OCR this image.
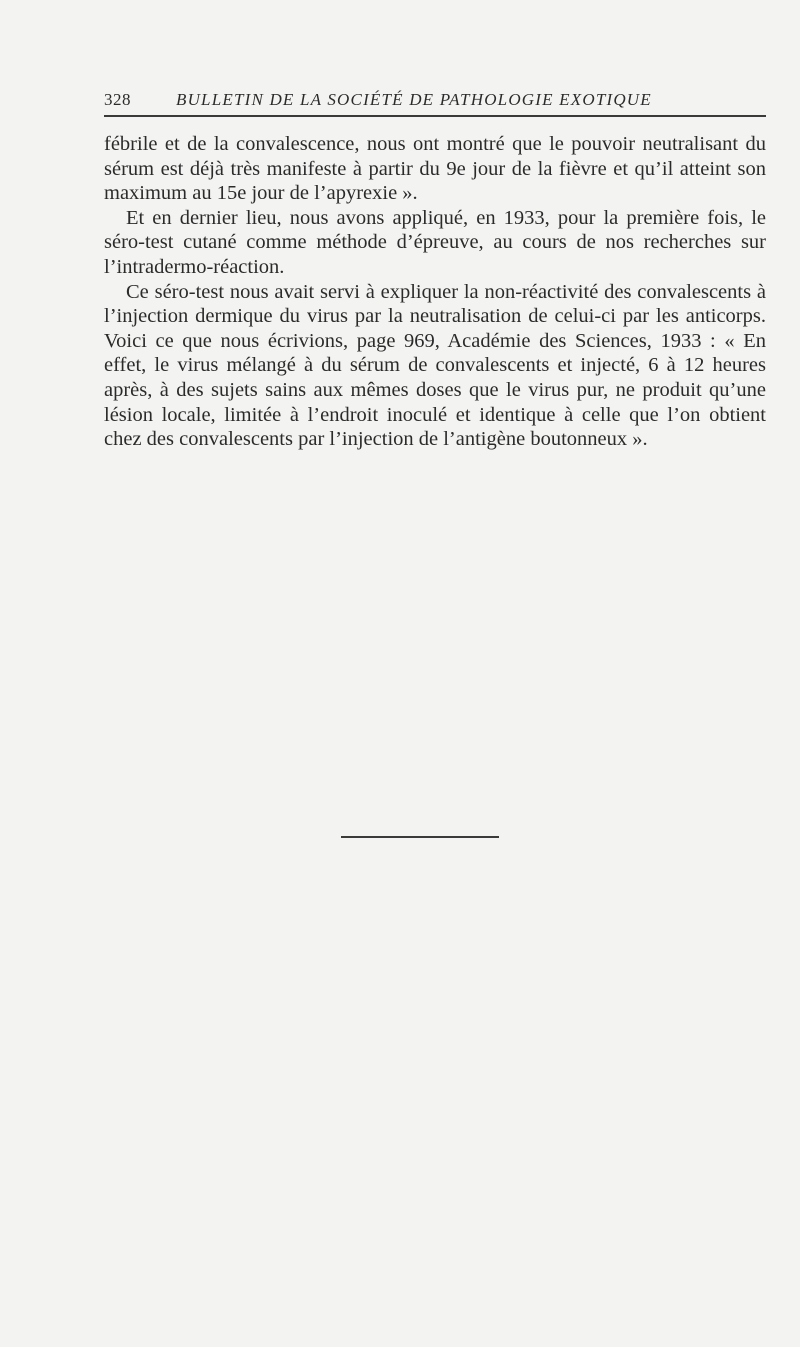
328	BULLETIN DE LA SOCIÉTÉ DE PATHOLOGIE EXOTIQUE

fébrile et de la convalescence, nous ont montré que le pouvoir neutralisant du sérum est déjà très manifeste à partir du 9e jour de la fièvre et qu’il atteint son maximum au 15e jour de l’apyrexie ».

Et en dernier lieu, nous avons appliqué, en 1933, pour la première fois, le séro-test cutané comme méthode d’épreuve, au cours de nos recherches sur l’intradermo-réaction.

Ce séro-test nous avait servi à expliquer la non-réactivité des convalescents à l’injection dermique du virus par la neutralisation de celui-ci par les anticorps. Voici ce que nous écrivions, page 969, Académie des Sciences, 1933 : « En effet, le virus mélangé à du sérum de convalescents et injecté, 6 à 12 heures après, à des sujets sains aux mêmes doses que le virus pur, ne produit qu’une lésion locale, limitée à l’endroit inoculé et identique à celle que l’on obtient chez des convalescents par l’injection de l’antigène boutonneux ».
